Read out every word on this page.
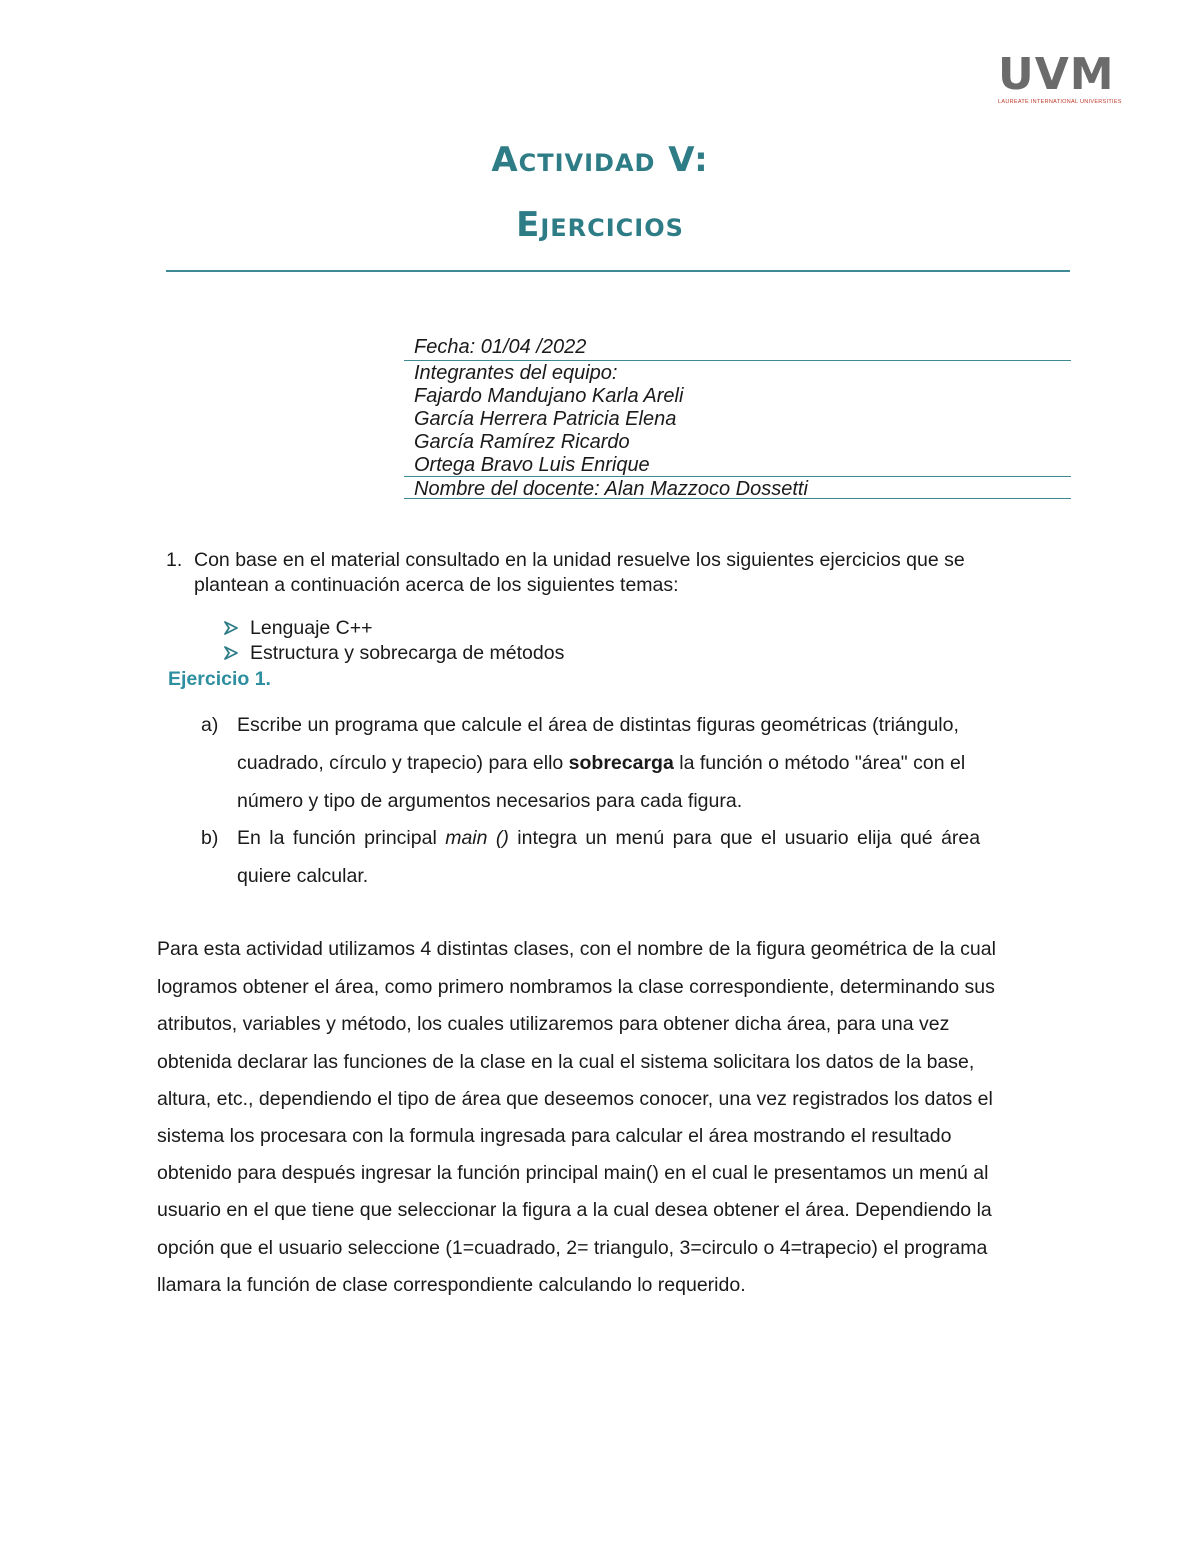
UVM
LAUREATE INTERNATIONAL UNIVERSITIES
Actividad V:
Ejercicios
Fecha: 01/04 /2022
Integrantes del equipo:
Fajardo Mandujano Karla Areli
García Herrera Patricia Elena
García Ramírez Ricardo
Ortega Bravo Luis Enrique
Nombre del docente: Alan Mazzoco Dossetti
1. Con base en el material consultado en la unidad resuelve los siguientes ejercicios que se
plantean a continuación acerca de los siguientes temas:
Lenguaje C++
Estructura y sobrecarga de métodos
Ejercicio 1.
a) Escribe un programa que calcule el área de distintas figuras geométricas (triángulo,
cuadrado, círculo y trapecio) para ello sobrecarga la función o método "área" con el
número y tipo de argumentos necesarios para cada figura.
b) En la función principal main () integra un menú para que el usuario elija qué área
quiere calcular.
Para esta actividad utilizamos 4 distintas clases, con el nombre de la figura geométrica de la cual
logramos obtener el área, como primero nombramos la clase correspondiente, determinando sus
atributos, variables y método, los cuales utilizaremos para obtener dicha área, para una vez
obtenida declarar las funciones de la clase en la cual el sistema solicitara los datos de la base,
altura, etc., dependiendo el tipo de área que deseemos conocer, una vez registrados los datos el
sistema los procesara con la formula ingresada para calcular el área mostrando el resultado
obtenido para después ingresar la función principal main() en el cual le presentamos un menú al
usuario en el que tiene que seleccionar la figura a la cual desea obtener el área. Dependiendo la
opción que el usuario seleccione (1=cuadrado, 2= triangulo, 3=circulo o 4=trapecio) el programa
llamara la función de clase correspondiente calculando lo requerido.
